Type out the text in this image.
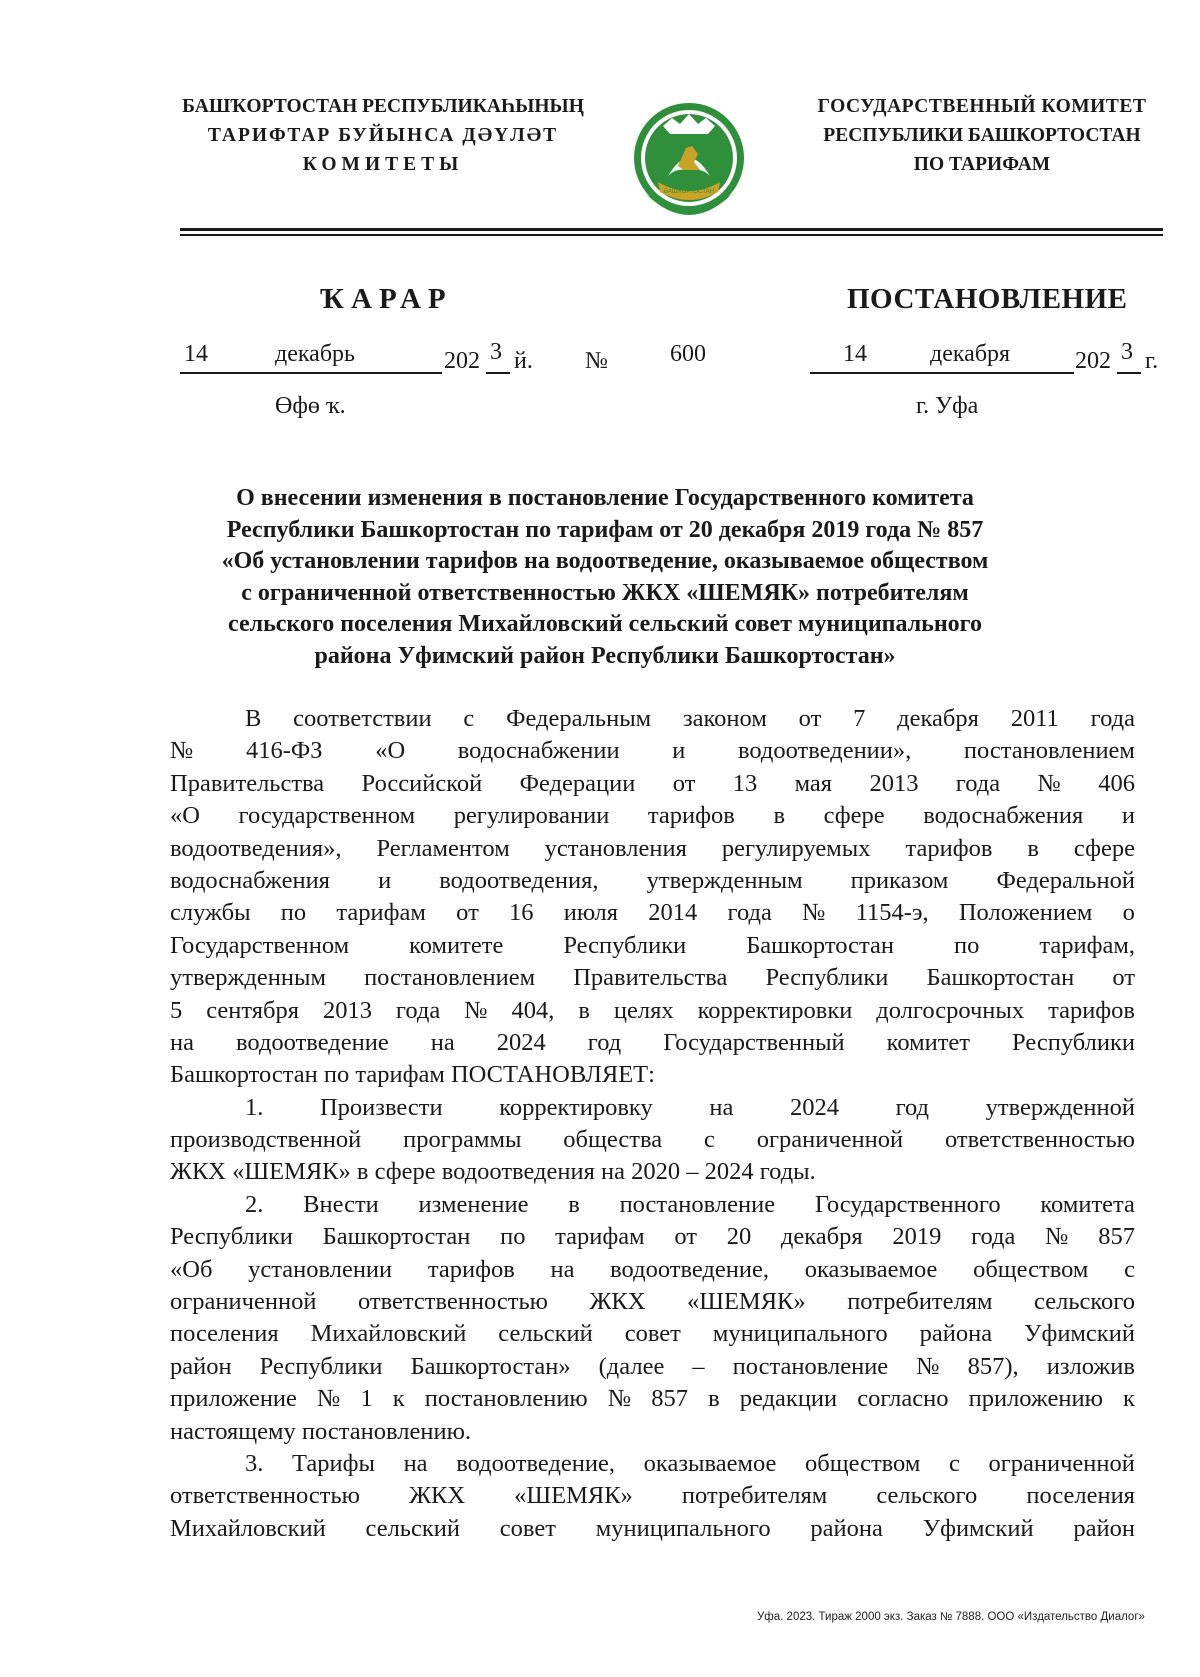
БАШҠОРТОСТАН РЕСПУБЛИКАҺЫНЫҢ
ТАРИФТАР БУЙЫНСА ДӘҮЛӘТ
КОМИТЕТЫ
БАШҠОРТОСТАН
ГОСУДАРСТВЕННЫЙ КОМИТЕТ
РЕСПУБЛИКИ БАШКОРТОСТАН
ПО ТАРИФАМ
ҠАРАР	ПОСТАНОВЛЕНИЕ
14	декабрь	202 3 й. №	600	14	декабря	202 3 г.
Өфө ҡ.	г. Уфа
О внесении изменения в постановление Государственного комитета
Республики Башкортостан по тарифам от 20 декабря 2019 года № 857
«Об установлении тарифов на водоотведение, оказываемое обществом
с ограниченной ответственностью ЖКХ «ШЕМЯК» потребителям
сельского поселения Михайловский сельский совет муниципального
района Уфимский район Республики Башкортостан»
В соответствии с Федеральным законом от 7 декабря 2011 года
№ 416-ФЗ «О водоснабжении и водоотведении», постановлением
Правительства Российской Федерации от 13 мая 2013 года № 406
«О государственном регулировании тарифов в сфере водоснабжения и
водоотведения», Регламентом установления регулируемых тарифов в сфере
водоснабжения и водоотведения, утвержденным приказом Федеральной
службы по тарифам от 16 июля 2014 года № 1154-э, Положением о
Государственном комитете Республики Башкортостан по тарифам,
утвержденным постановлением Правительства Республики Башкортостан от
5 сентября 2013 года № 404, в целях корректировки долгосрочных тарифов
на водоотведение на 2024 год Государственный комитет Республики
Башкортостан по тарифам ПОСТАНОВЛЯЕТ:
1. Произвести корректировку на 2024 год утвержденной
производственной программы общества с ограниченной ответственностью
ЖКХ «ШЕМЯК» в сфере водоотведения на 2020 – 2024 годы.
2. Внести изменение в постановление Государственного комитета
Республики Башкортостан по тарифам от 20 декабря 2019 года № 857
«Об установлении тарифов на водоотведение, оказываемое обществом с
ограниченной ответственностью ЖКХ «ШЕМЯК» потребителям сельского
поселения Михайловский сельский совет муниципального района Уфимский
район Республики Башкортостан» (далее – постановление № 857), изложив
приложение № 1 к постановлению № 857 в редакции согласно приложению к
настоящему постановлению.
3. Тарифы на водоотведение, оказываемое обществом с ограниченной
ответственностью ЖКХ «ШЕМЯК» потребителям сельского поселения
Михайловский сельский совет муниципального района Уфимский район
Уфа. 2023. Тираж 2000 экз. Заказ № 7888. ООО «Издательство Диалог»
